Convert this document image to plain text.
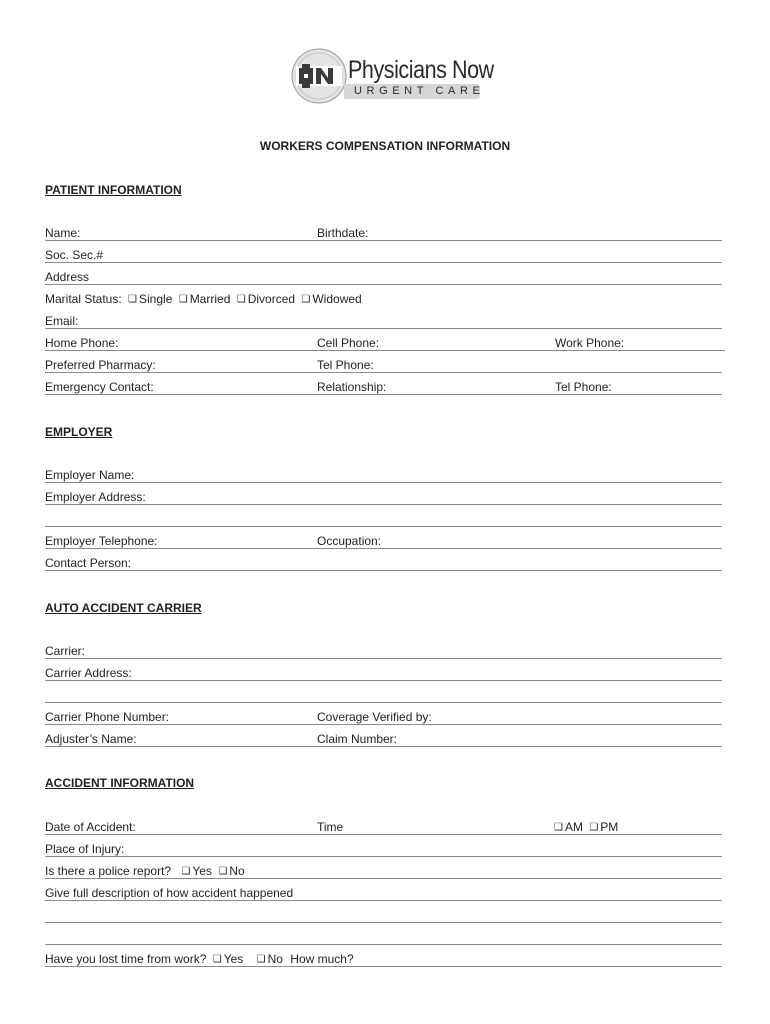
Physicians Now
URGENT CARE
WORKERS COMPENSATION INFORMATION
PATIENT INFORMATION
Name:	Birthdate:
Soc. Sec.#
Address
Marital Status: ❏ Single ❏ Married ❏ Divorced ❏ Widowed
Email:
Home Phone:	Cell Phone:	Work Phone:
Preferred Pharmacy:	Tel Phone:
Emergency Contact:	Relationship:	Tel Phone:
EMPLOYER
Employer Name:
Employer Address:
Employer Telephone:	Occupation:
Contact Person:
AUTO ACCIDENT CARRIER
Carrier:
Carrier Address:
Carrier Phone Number:	Coverage Verified by:
Adjuster’s Name:	Claim Number:
ACCIDENT INFORMATION
Date of Accident:	Time	❏ AM ❏ PM
Place of Injury:
Is there a police report? ❏ Yes ❏ No
Give full description of how accident happened
Have you lost time from work? ❏ Yes ❏ No How much?
